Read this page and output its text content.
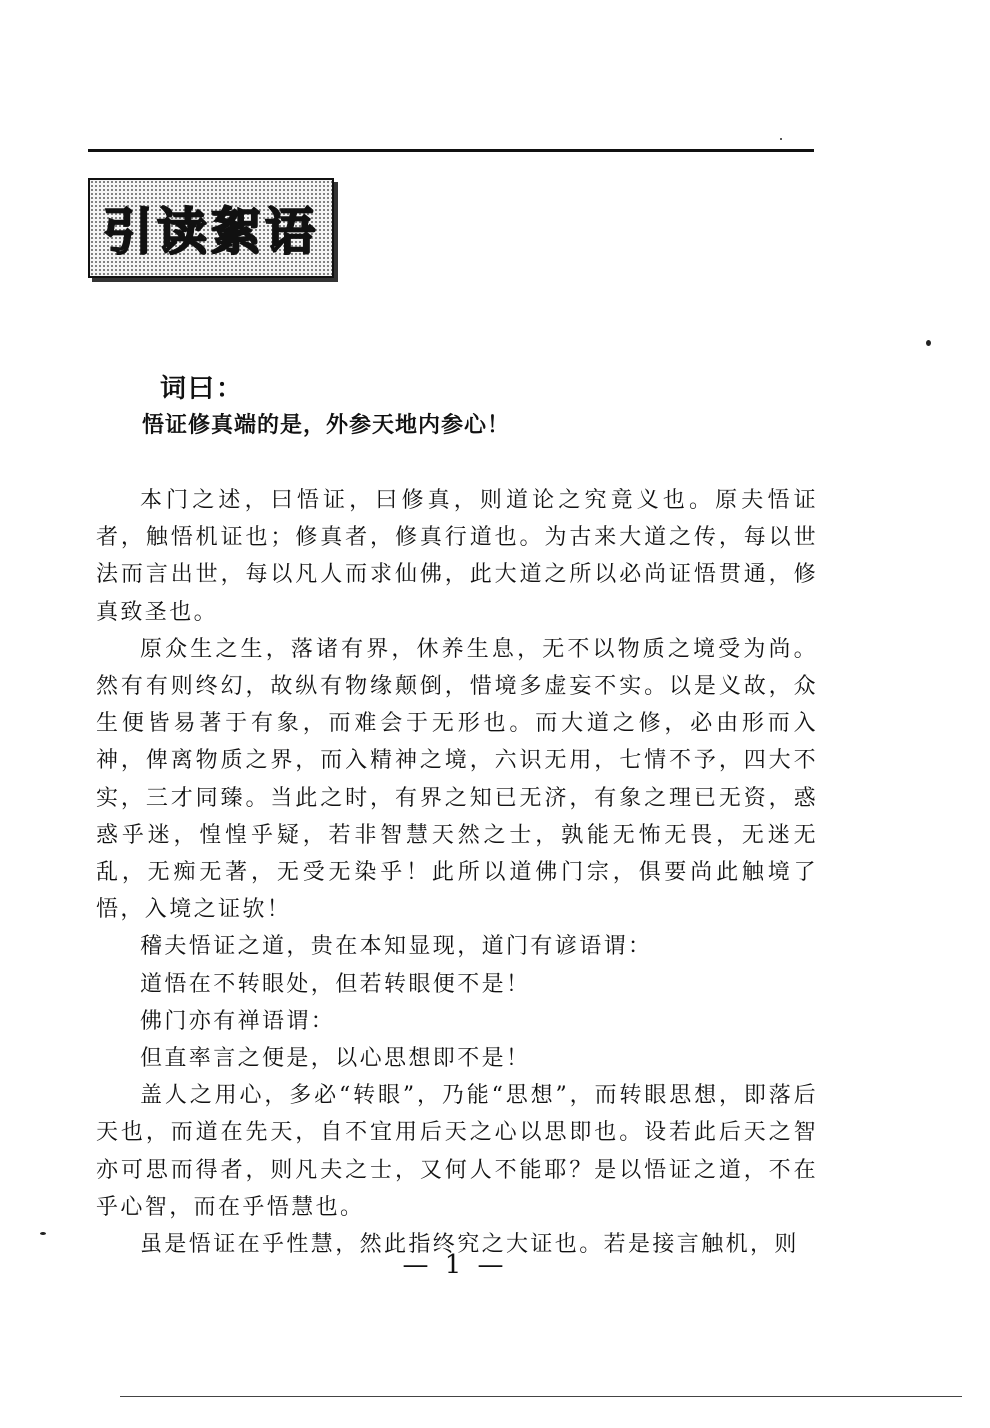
引读絮语
词曰：
悟证修真端的是，外参天地内参心！

本门之述，曰悟证，曰修真，则道论之究竟义也。原夫悟证者，触悟机证也；修真者，修真行道也。为古来大道之传，每以世法而言出世，每以凡人而求仙佛，此大道之所以必尚证悟贯通，修真致圣也。

原众生之生，落诸有界，休养生息，无不以物质之境受为尚。然有有则终幻，故纵有物缘颠倒，惜境多虚妄不实。以是义故，众生便皆易著于有象，而难会于无形也。而大道之修，必由形而入神，俾离物质之界，而入精神之境，六识无用，七情不予，四大不实，三才同臻。当此之时，有界之知已无济，有象之理已无资，惑惑乎迷，惶惶乎疑，若非智慧天然之士，孰能无怖无畏，无迷无乱，无痴无著，无受无染乎！此所以道佛门宗，俱要尚此触境了悟，入境之证欤！

稽夫悟证之道，贵在本知显现，道门有谚语谓：

道悟在不转眼处，但若转眼便不是！

佛门亦有禅语谓：

但直率言之便是，以心思想即不是！

盖人之用心，多必“转眼”，乃能“思想”，而转眼思想，即落后天也，而道在先天，自不宜用后天之心以思即也。设若此后天之智亦可思而得者，则凡夫之士，又何人不能耶？是以悟证之道，不在乎心智，而在乎悟慧也。

虽是悟证在乎性慧，然此指终究之大证也。若是接言触机，则

— 1 —
